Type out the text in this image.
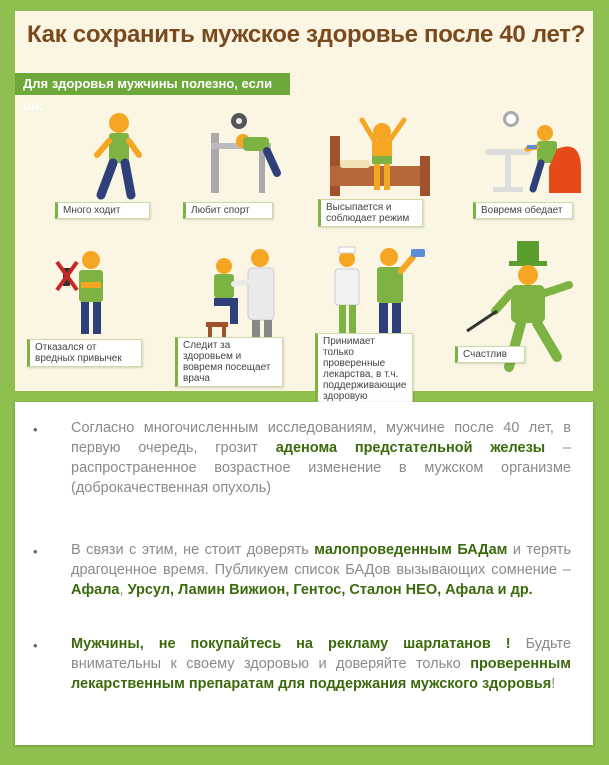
Как сохранить мужское здоровье после 40 лет?
Для здоровья мужчины полезно, если он:
Много ходит	Любит спорт	Высыпается и соблюдает режим
Вовремя обедает
Отказался от вредных привычек
Следит за здоровьем и вовремя посещает врача
Принимает только проверенные лекарства, в т.ч. поддерживающие здоровую
Счастлив
• Согласно многочисленным исследованиям, мужчине после 40 лет, в первую очередь, грозит аденома предстательной железы – распространенное возрастное изменение в мужском организме (доброкачественная опухоль)
• В связи с этим, не стоит доверять малопроведенным БАДам и терять драгоценное время. Публикуем список БАДов вызывающих сомнение – Афала, Урсул, Ламин Вижион, Гентос, Сталон НЕО, Афала и др.
• Мужчины, не покупайтесь на рекламу шарлатанов ! Будьте внимательны к своему здоровью и доверяйте только проверенным лекарственным препаратам для поддержания мужского здоровья!
